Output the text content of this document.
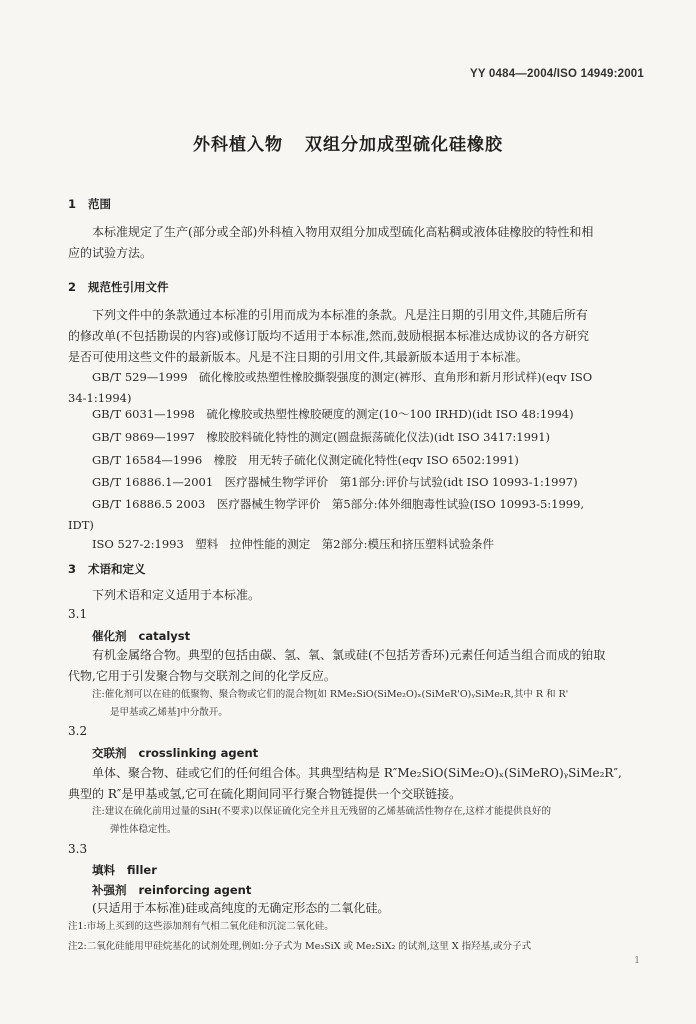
YY 0484—2004/ISO 14949:2001
外科植入物 双组分加成型硫化硅橡胶
1 范围
本标准规定了生产(部分或全部)外科植入物用双组分加成型硫化高粘稠或液体硅橡胶的特性和相
应的试验方法。
2 规范性引用文件
下列文件中的条款通过本标准的引用而成为本标准的条款。凡是注日期的引用文件,其随后所有
的修改单(不包括勘误的内容)或修订版均不适用于本标准,然而,鼓励根据本标准达成协议的各方研究
是否可使用这些文件的最新版本。凡是不注日期的引用文件,其最新版本适用于本标准。
GB/T 529—1999　硫化橡胶或热塑性橡胶撕裂强度的测定(裤形、直角形和新月形试样)(eqv ISO
34-1:1994)
GB/T 6031—1998　硫化橡胶或热塑性橡胶硬度的测定(10～100 IRHD)(idt ISO 48:1994)
GB/T 9869—1997　橡胶胶料硫化特性的测定(圆盘振荡硫化仪法)(idt ISO 3417:1991)
GB/T 16584—1996　橡胶　用无转子硫化仪测定硫化特性(eqv ISO 6502:1991)
GB/T 16886.1—2001　医疗器械生物学评价　第1部分:评价与试验(idt ISO 10993-1:1997)
GB/T 16886.5 2003　医疗器械生物学评价　第5部分:体外细胞毒性试验(ISO 10993-5:1999,
IDT)
ISO 527-2:1993　塑料　拉伸性能的测定　第2部分:模压和挤压塑料试验条件
3 术语和定义
下列术语和定义适用于本标准。
3.1
催化剂 catalyst
有机金属络合物。典型的包括由碳、氢、氧、氯或硅(不包括芳香环)元素任何适当组合而成的铂取
代物,它用于引发聚合物与交联剂之间的化学反应。
注:催化剂可以在硅的低聚物、聚合物或它们的混合物[如 RMe₂SiO(SiMe₂O)ₓ(SiMeR'O)ᵧSiMe₂R,其中 R 和 R'
是甲基或乙烯基]中分散开。
3.2
交联剂 crosslinking agent
单体、聚合物、硅或它们的任何组合体。其典型结构是 R″Me₂SiO(SiMe₂O)ₓ(SiMeRO)ᵧSiMe₂R″,
典型的 R″是甲基或氢,它可在硫化期间同平行聚合物链提供一个交联链接。
注:建议在硫化前用过量的SiH(不要求)以保证硫化完全并且无残留的乙烯基硫活性物存在,这样才能提供良好的
弹性体稳定性。
3.3
填料 filler
补强剂 reinforcing agent
(只适用于本标准)硅或高纯度的无确定形态的二氧化硅。
注1:市场上买到的这些添加剂有气相二氧化硅和沉淀二氧化硅。
注2:二氧化硅能用甲硅烷基化的试剂处理,例如:分子式为 Me₃SiX 或 Me₂SiX₂ 的试剂,这里 X 指羟基,或分子式
1
